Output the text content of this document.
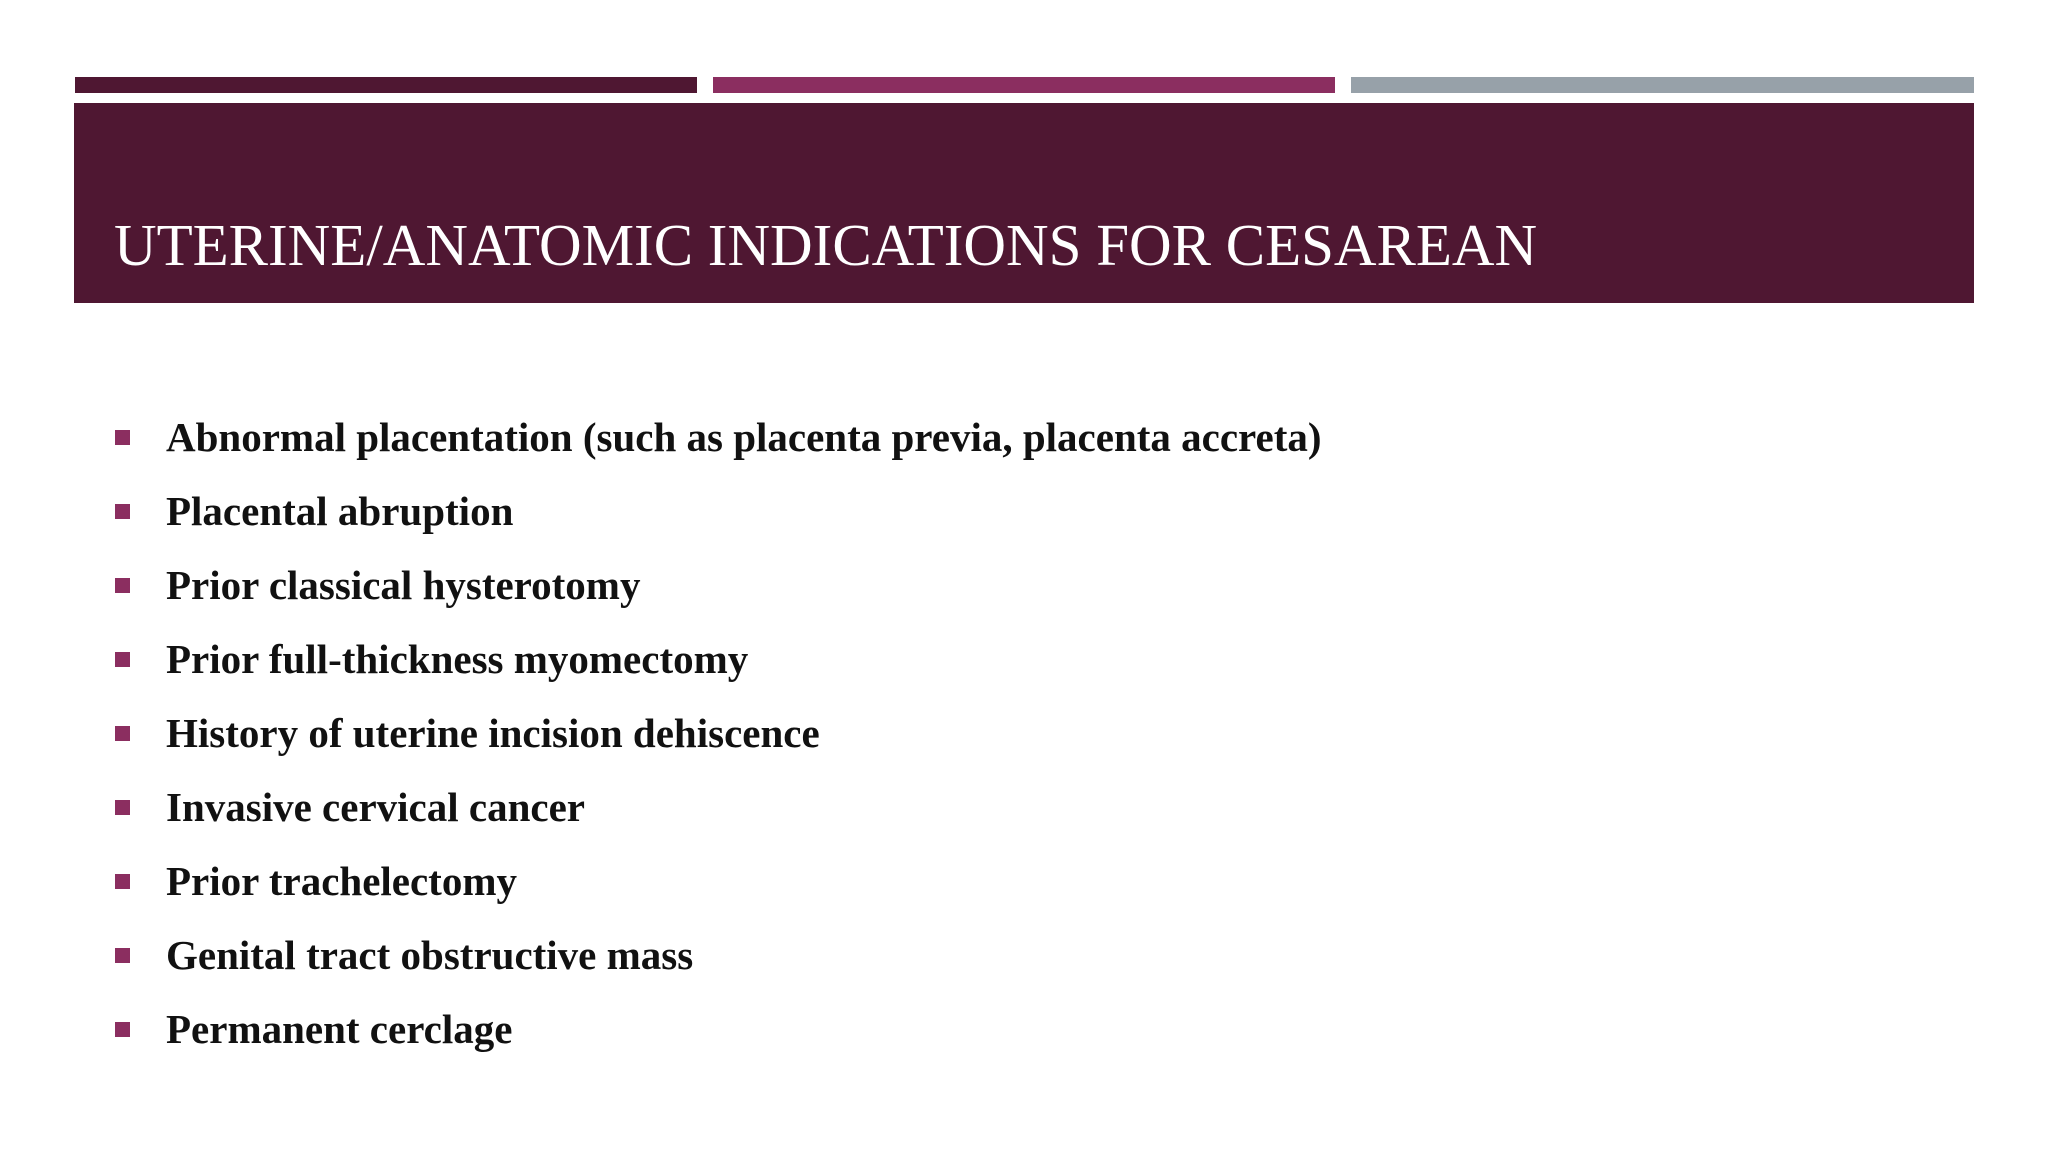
UTERINE/ANATOMIC INDICATIONS FOR CESAREAN
Abnormal placentation (such as placenta previa, placenta accreta)
Placental abruption
Prior classical hysterotomy
Prior full-thickness myomectomy
History of uterine incision dehiscence
Invasive cervical cancer
Prior trachelectomy
Genital tract obstructive mass
Permanent cerclage
